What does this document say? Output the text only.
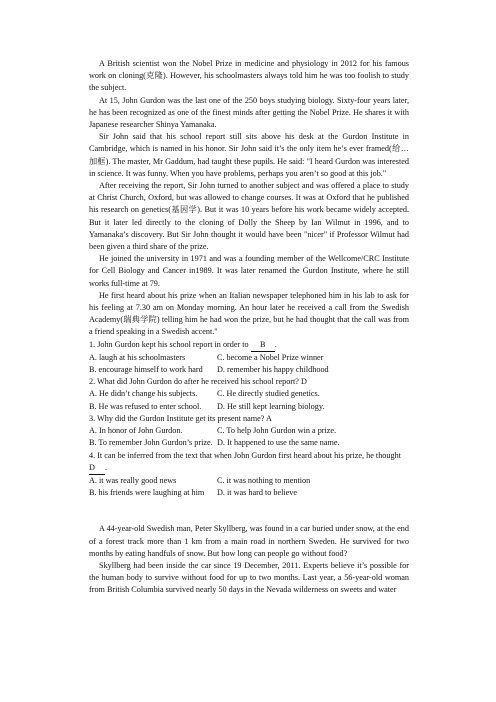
A British scientist won the Nobel Prize in medicine and physiology in 2012 for his famous work on cloning(克隆). However, his schoolmasters always told him he was too foolish to study the subject.

At 15, John Gurdon was the last one of the 250 boys studying biology. Sixty-four years later, he has been recognized as one of the finest minds after getting the Nobel Prize. He shares it with Japanese researcher Shinya Yamanaka.

Sir John said that his school report still sits above his desk at the Gurdon Institute in Cambridge, which is named in his honor. Sir John said it’s the only item he’s ever framed(给…加框). The master, Mr Gaddum, had taught these pupils. He said: "I heard Gurdon was interested in science. It was funny. When you have problems, perhaps you aren’t so good at this job."

After receiving the report, Sir John turned to another subject and was offered a place to study at Christ Church, Oxford, but was allowed to change courses. It was at Oxford that he published his research on genetics(基因学). But it was 10 years before his work became widely accepted. But it later led directly to the cloning of Dolly the Sheep by Ian Wilmut in 1996, and to Yamanaka’s discovery. But Sir John thought it would have been "nicer" if Professor Wilmut had been given a third share of the prize.

He joined the university in 1971 and was a founding member of the Wellcome/CRC Institute for Cell Biology and Cancer in1989. It was later renamed the Gurdon Institute, where he still works full-time at 79.

He first heard about his prize when an Italian newspaper telephoned him in his lab to ask for his feeling at 7.30 am on Monday morning. An hour later he received a call from the Swedish Academy(瑞典学院) telling him he had won the prize, but he had thought that the call was from a friend speaking in a Swedish accent."

1. John Gurdon kept his school report in order to B .

A. laugh at his schoolmasters	C. become a Nobel Prize winner
B. encourage himself to work hard	D. remember his happy childhood

2. What did John Gurdon do after he received his school report? D

A. He didn’t change his subjects.	C. He directly studied genetics.
B. He was refused to enter school.	D. He still kept learning biology.

3. Why did the Gurdon Institute get its present name? A

A. In honor of John Gurdon.	C. To help John Gurdon win a prize.
B. To remember John Gurdon’s prize. D. It happened to use the same name.

4. It can be inferred from the text that when John Gurdon first heard about his prize, he thought D .

A. it was really good news	C. it was nothing to mention
B. his friends were laughing at him	D. it was hard to believe

A 44-year-old Swedish man, Peter Skyllberg, was found in a car buried under snow, at the end of a forest track more than 1 km from a main road in northern Sweden. He survived for two months by eating handfuls of snow. But how long can people go without food?

Skyllberg had been inside the car since 19 December, 2011. Experts believe it’s possible for the human body to survive without food for up to two months. Last year, a 56-year-old woman from British Columbia survived nearly 50 days in the Nevada wilderness on sweets and water
